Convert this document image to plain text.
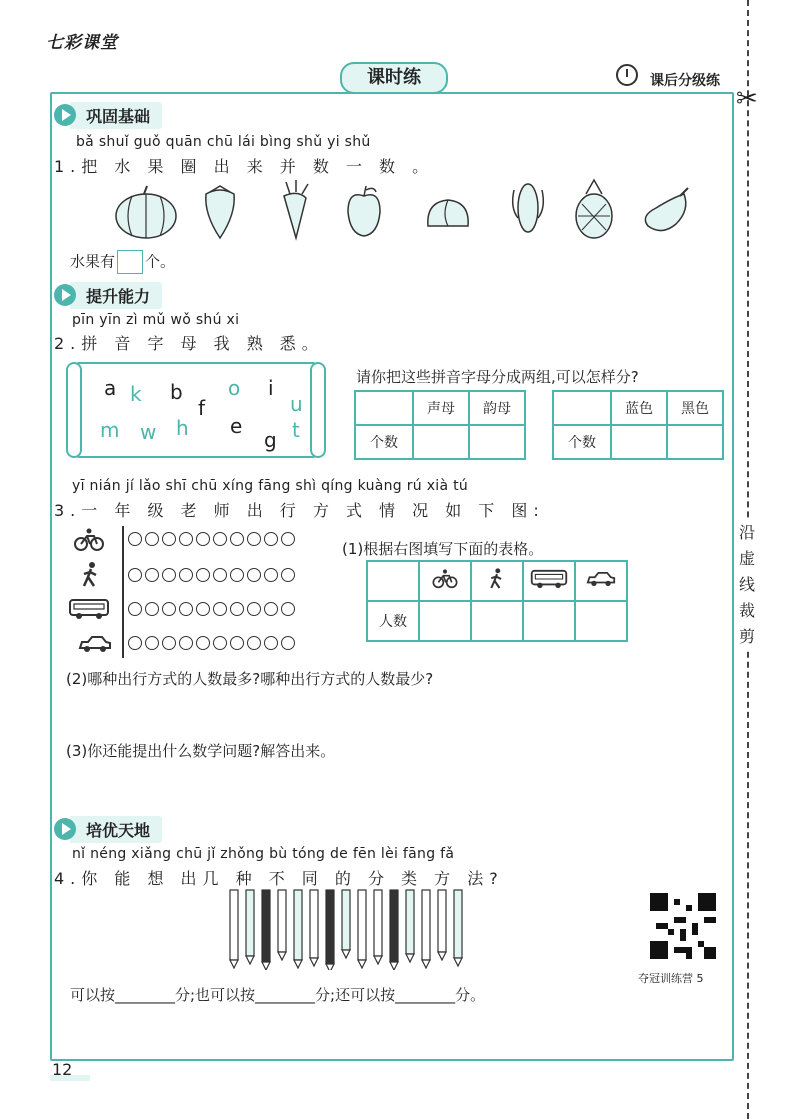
七彩课堂
课时练	课后分级练
✂
沿虚线裁剪
巩固基础
bǎ shuǐ guǒ quān chū lái bìng shǔ yi shǔ
1.把 水 果 圈 出 来 并 数 一 数 。
水果有 个。
提升能力
pīn yīn zì mǔ wǒ shú xi
2.拼 音 字 母 我 熟 悉。
a k b o i
f	u
m w h e
g t
请你把这些拼音字母分成两组,可以怎样分?
	声母	韵母
个数		
	蓝色	黑色
个数		
yī nián jí lǎo shī chū xíng fāng shì qíng kuàng rú xià tú
3.一 年 级 老 师 出 行 方 式 情 况 如 下 图:
(1)根据右图填写下面的表格。

人数				
(2)哪种出行方式的人数最多?哪种出行方式的人数最少?
(3)你还能提出什么数学问题?解答出来。
培优天地
nǐ néng xiǎng chū jǐ zhǒng bù tóng de fēn lèi fāng fǎ
4.你 能 想 出几 种 不 同 的 分 类 方 法?
可以按________分;也可以按________分;还可以按________分。
夺冠训练营 5
12
